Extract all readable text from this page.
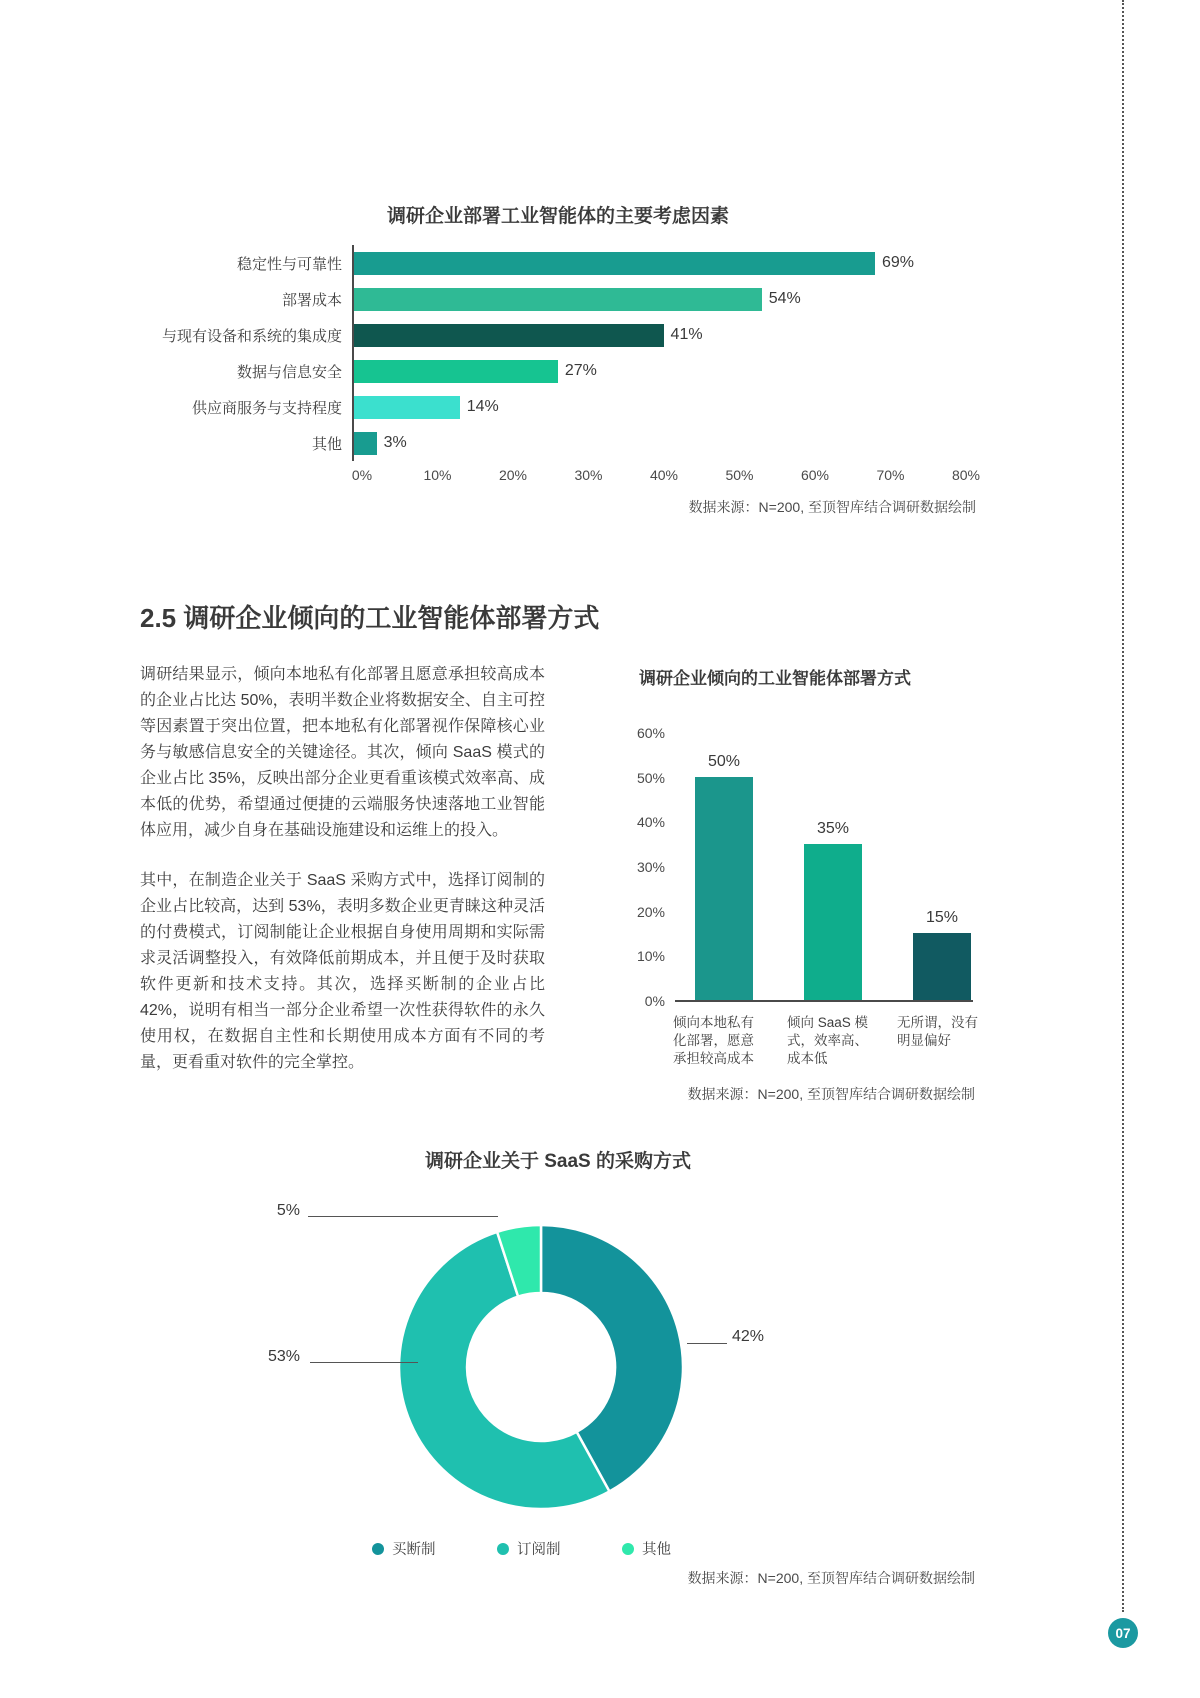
调研企业部署工业智能体的主要考虑因素
稳定性与可靠性	69%
部署成本	54%
与现有设备和系统的集成度	41%
数据与信息安全	27%
供应商服务与支持程度	14%
其他	3%
0%	10%	20%	30%	40%	50%	60%	70%	80%
数据来源：N=200, 至顶智库结合调研数据绘制
2.5 调研企业倾向的工业智能体部署方式

调研结果显示，倾向本地私有化部署且愿意承担较高成本的企业占比达 50%，表明半数企业将数据安全、自主可控等因素置于突出位置，把本地私有化部署视作保障核心业务与敏感信息安全的关键途径。其次，倾向 SaaS 模式的企业占比 35%，反映出部分企业更看重该模式效率高、成本低的优势，希望通过便捷的云端服务快速落地工业智能体应用，减少自身在基础设施建设和运维上的投入。

其中，在制造企业关于 SaaS 采购方式中，选择订阅制的企业占比较高，达到 53%，表明多数企业更青睐这种灵活的付费模式，订阅制能让企业根据自身使用周期和实际需求灵活调整投入，有效降低前期成本，并且便于及时获取软件更新和技术支持。其次，选择买断制的企业占比 42%，说明有相当一部分企业希望一次性获得软件的永久使用权，在数据自主性和长期使用成本方面有不同的考量，更看重对软件的完全掌控。

调研企业倾向的工业智能体部署方式
60%
50%
40%
30%
20%
10%
0%
50%
35%
15%
倾向本地私有
化部署，愿意
承担较高成本
倾向 SaaS 模
式，效率高、
成本低
无所谓，没有
明显偏好
数据来源：N=200, 至顶智库结合调研数据绘制
调研企业关于 SaaS 的采购方式
5%
53%
42%
买断制	订阅制	其他
数据来源：N=200, 至顶智库结合调研数据绘制
07
